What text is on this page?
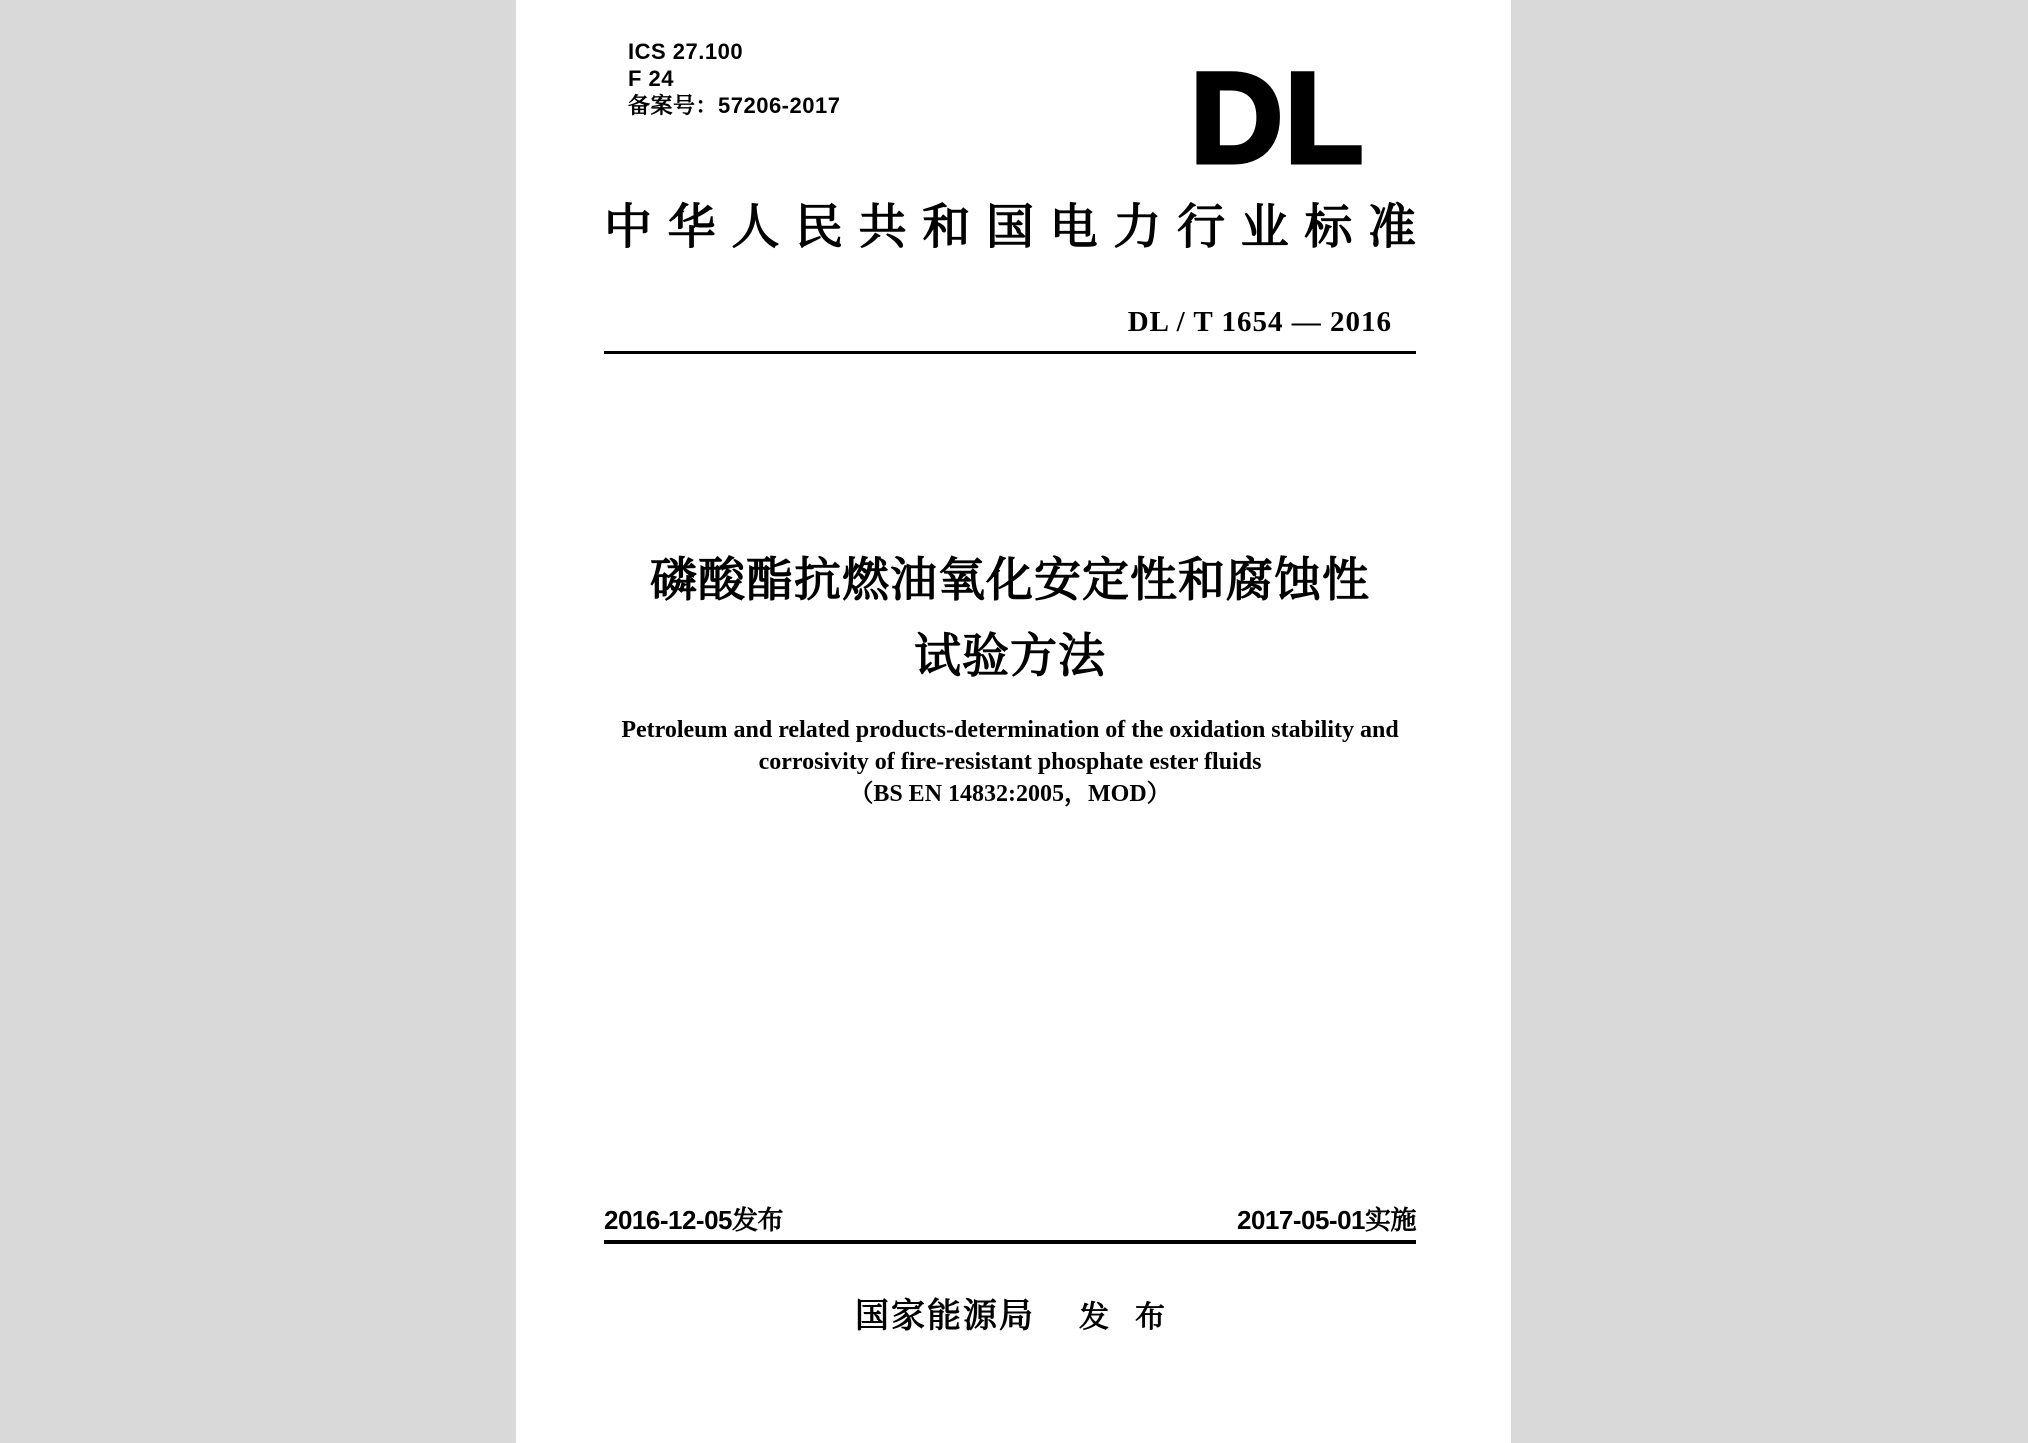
ICS 27.100
F 24
备案号：57206-2017	DL
中华人民共和国电力行业标准
DL / T 1654 — 2016
磷酸酯抗燃油氧化安定性和腐蚀性
试验方法
Petroleum and related products-determination of the oxidation stability and
corrosivity of fire-resistant phosphate ester fluids
（BS EN 14832:2005，MOD）
2016-12-05发布	2017-05-01实施
国家能源局 发 布
